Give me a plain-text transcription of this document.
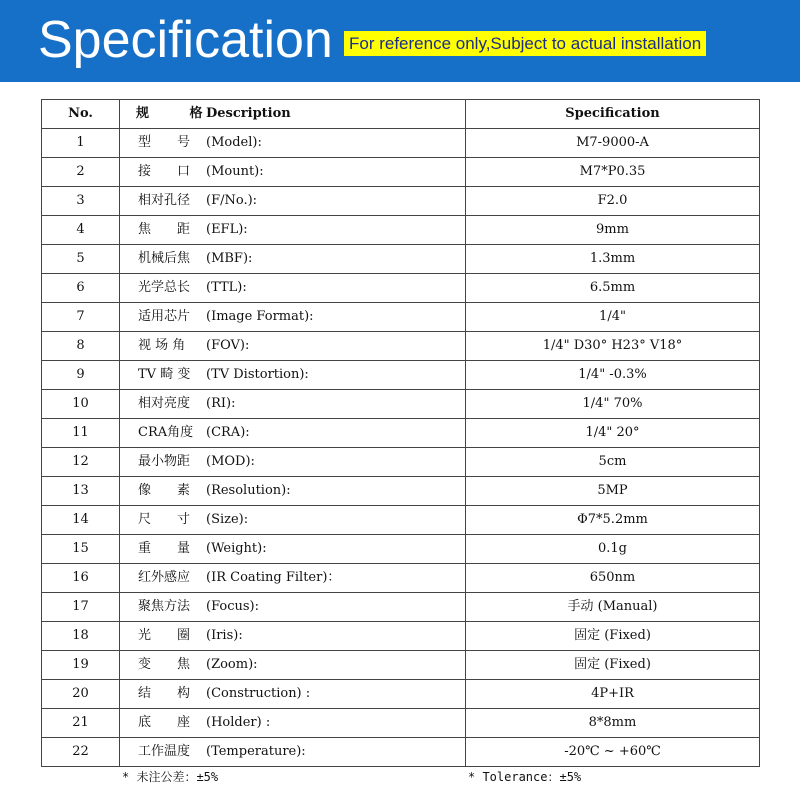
Specification For reference only,Subject to actual installation
No.	规 格Description	Specification
1	型　　号 (Model):	M7-9000-A
2	接　　口 (Mount):	M7*P0.35
3	相对孔径 (F/No.):	F2.0
4	焦　　距 (EFL):	9mm
5	机械后焦 (MBF):	1.3mm
6	光学总长 (TTL):	6.5mm
7	适用芯片 (Image Format):	1/4"
8	视 场 角 (FOV):	1/4" D30° H23° V18°
9	TV 畸 变 (TV Distortion):	1/4" -0.3%
10	相对亮度 (RI):	1/4" 70%
11	CRA角度 (CRA):	1/4" 20°
12	最小物距 (MOD):	5cm
13	像　　素 (Resolution):	5MP
14	尺　　寸 (Size):	Φ7*5.2mm
15	重　　量 (Weight):	0.1g
16	红外感应 (IR Coating Filter)：	650nm
17	聚焦方法 (Focus):	手动 (Manual)
18	光　　圈 (Iris):	固定 (Fixed)
19	变　　焦 (Zoom):	固定 (Fixed)
20	结　　构(Construction) :	4P+IR
21	底　　座(Holder) :	8*8mm
22	工作温度 (Temperature):	-20℃ ~ +60℃
* 未注公差：±5%	* Tolerance：±5%
